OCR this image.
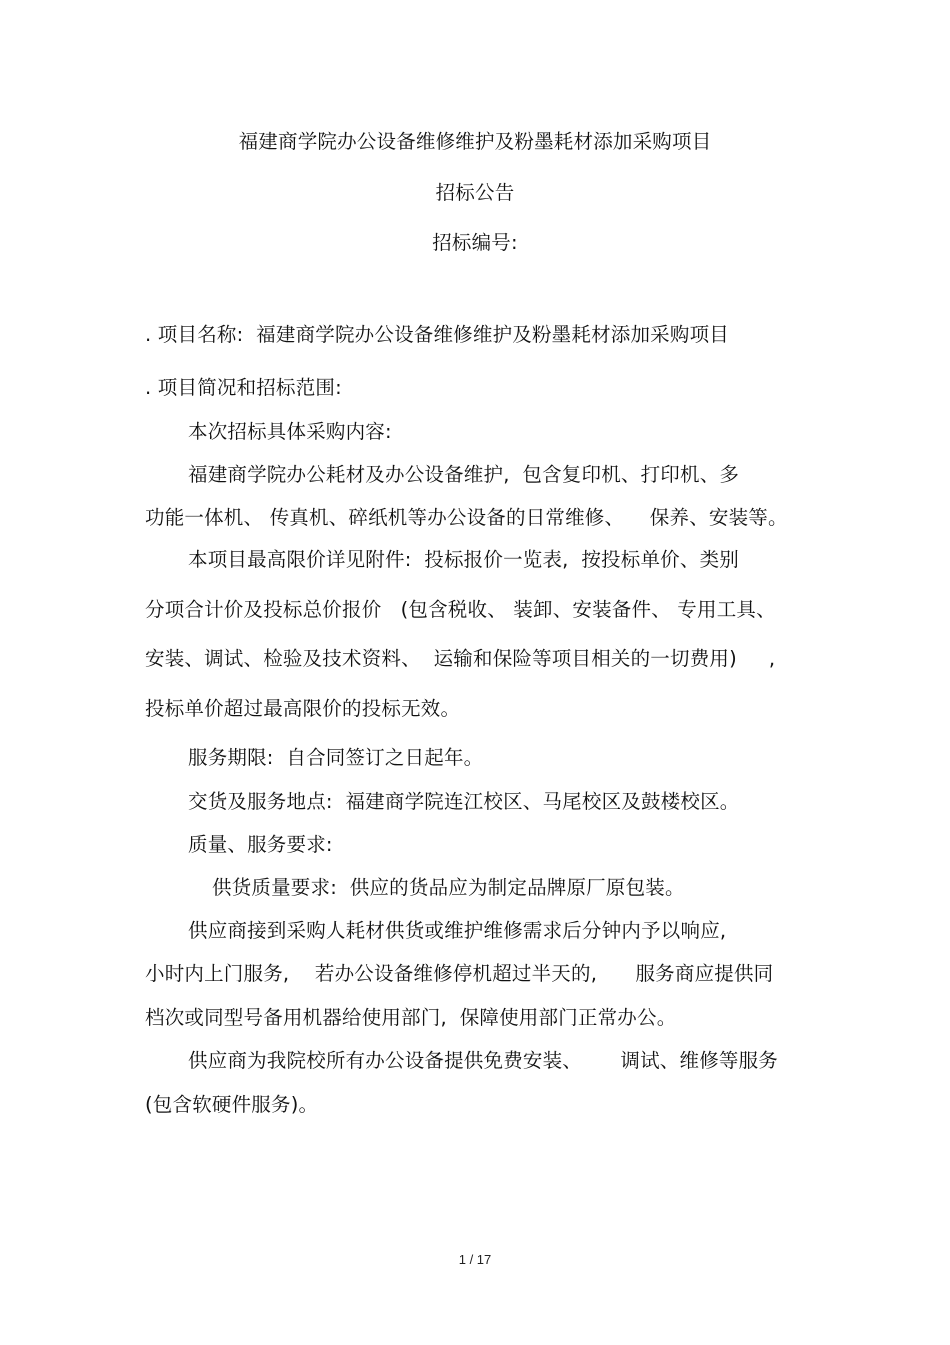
福建商学院办公设备维修维护及粉墨耗材添加采购项目
招标公告
招标编号:
. 项目名称:  福建商学院办公设备维修维护及粉墨耗材添加采购项目
. 项目简况和招标范围:
本次招标具体采购内容:
福建商学院办公耗材及办公设备维护,  包含复印机、打印机、多
功能一体机、 传真机、碎纸机等办公设备的日常维修、    保养、安装等。
本项目最高限价详见附件:  投标报价一览表,  按投标单价、类别
分项合计价及投标总价报价   (包含税收、 装卸、安装备件、 专用工具、
安装、调试、检验及技术资料、  运输和保险等项目相关的一切费用)     ,
投标单价超过最高限价的投标无效。
服务期限:  自合同签订之日起年。
交货及服务地点:  福建商学院连江校区、马尾校区及鼓楼校区。
质量、服务要求:
供货质量要求:  供应的货品应为制定品牌原厂原包装。
供应商接到采购人耗材供货或维护维修需求后分钟内予以响应,
小时内上门服务,    若办公设备维修停机超过半天的,      服务商应提供同
档次或同型号备用机器给使用部门,  保障使用部门正常办公。
供应商为我院校所有办公设备提供免费安装、      调试、维修等服务
(包含软硬件服务)。
1 / 17
